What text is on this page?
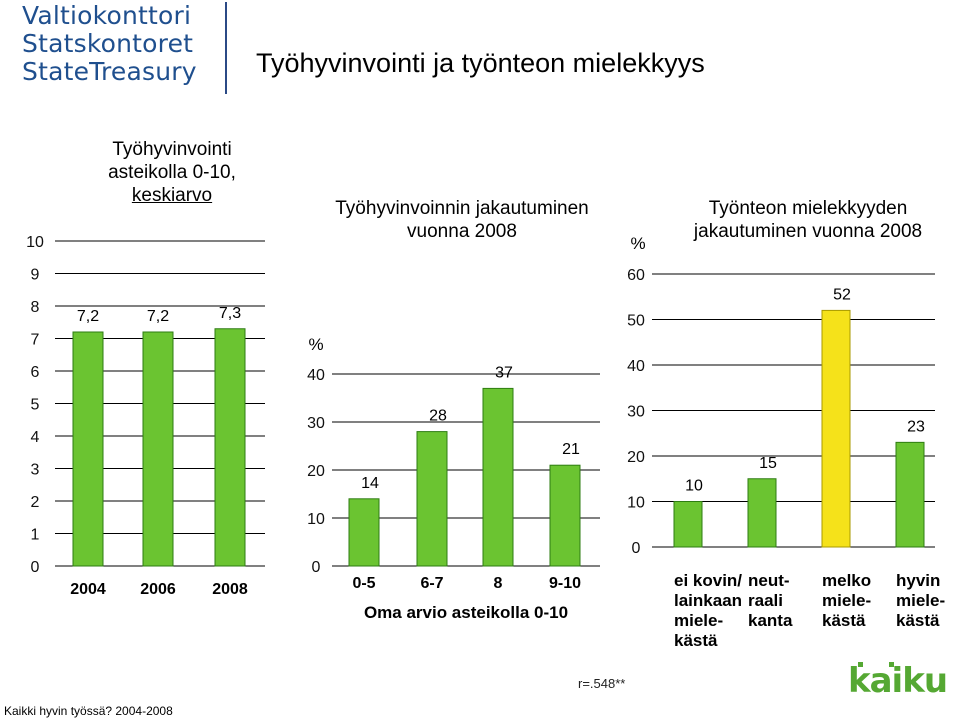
Valtiokonttori
Statskontoret
StateTreasury	Työhyvinvointi ja työnteon mielekkyys
Työhyvinvointi
asteikolla 0-10,
keskiarvo
Työhyvinvoinnin jakautuminen
vuonna 2008
Työnteon mielekkyyden
jakautuminen vuonna 2008
0
1
2
3
4
5
6
7
8
9
10
7,2	7,2	7,3
2004 2006 2008
0
10
20
30
40
%
14
28
37
21
0-5	6-7	8	9-10
Oma arvio asteikolla 0-10
0
10
20
30
40
50
60
%
10
15
52
23
ei kovin/
lainkaan
miele-
kästä
neut-
raali
kanta
melko
miele-
kästä
hyvin
miele-
kästä
r=.548**
Kaikki hyvin työssä? 2004-2008
kaiku
